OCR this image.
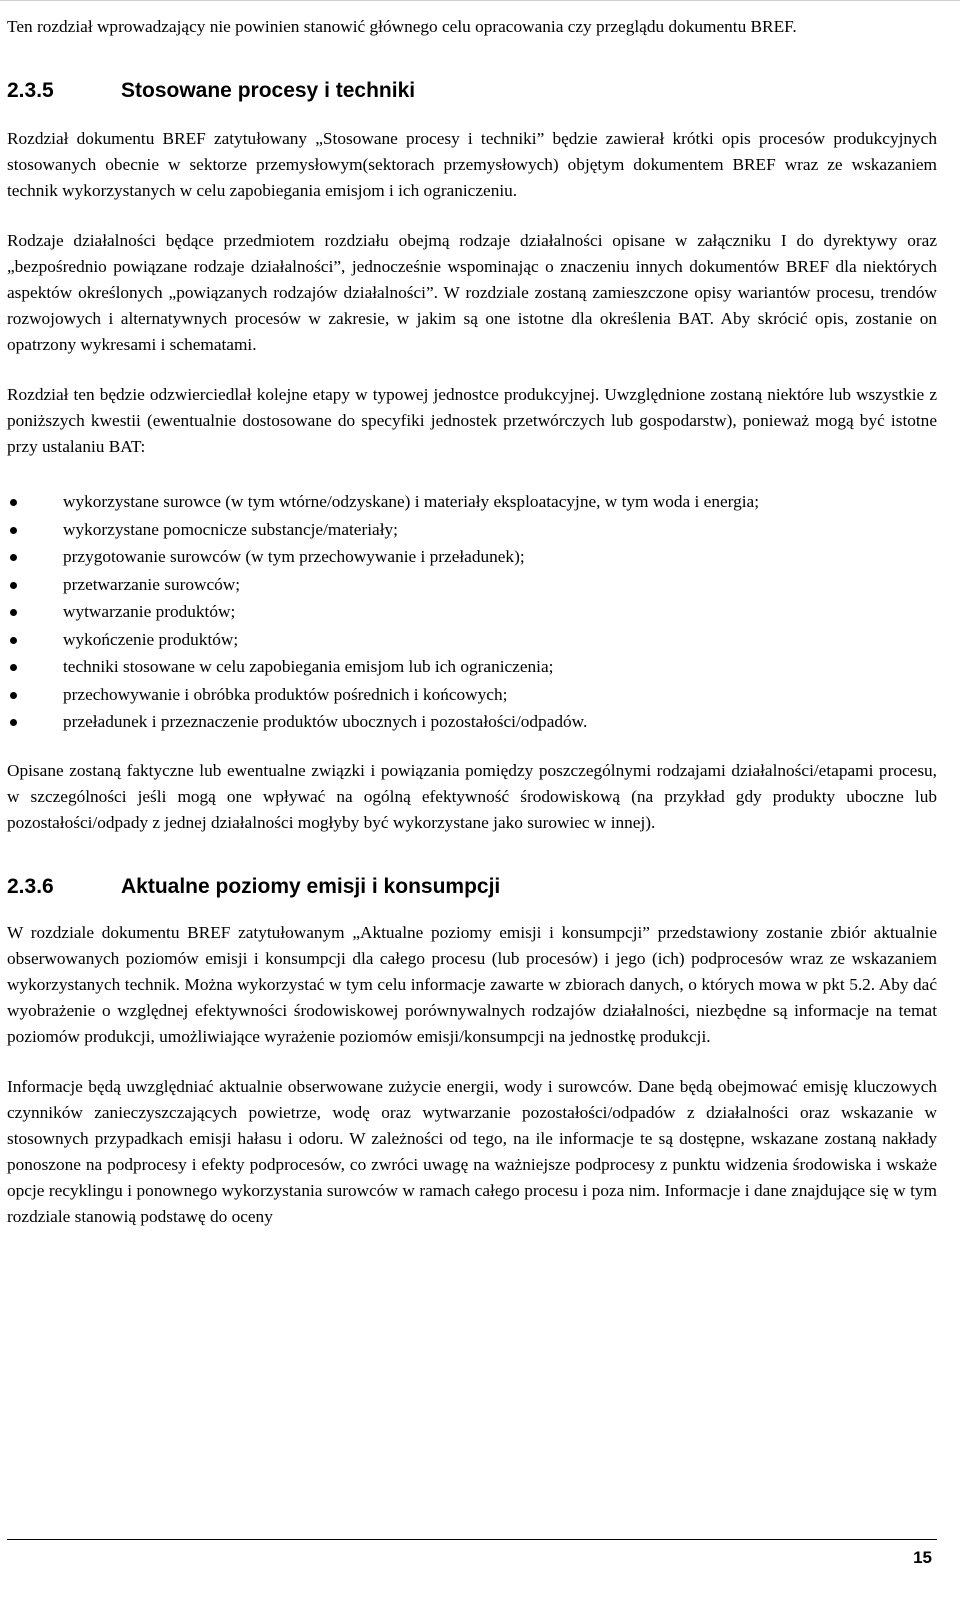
Ten rozdział wprowadzający nie powinien stanowić głównego celu opracowania czy przeglądu dokumentu BREF.

2.3.5	Stosowane procesy i techniki

Rozdział dokumentu BREF zatytułowany „Stosowane procesy i techniki” będzie zawierał krótki opis procesów produkcyjnych stosowanych obecnie w sektorze przemysłowym(sektorach przemysłowych) objętym dokumentem BREF wraz ze wskazaniem technik wykorzystanych w celu zapobiegania emisjom i ich ograniczeniu.

Rodzaje działalności będące przedmiotem rozdziału obejmą rodzaje działalności opisane w załączniku I do dyrektywy oraz „bezpośrednio powiązane rodzaje działalności”, jednocześnie wspominając o znaczeniu innych dokumentów BREF dla niektórych aspektów określonych „powiązanych rodzajów działalności”. W rozdziale zostaną zamieszczone opisy wariantów procesu, trendów rozwojowych i alternatywnych procesów w zakresie, w jakim są one istotne dla określenia BAT. Aby skrócić opis, zostanie on opatrzony wykresami i schematami.

Rozdział ten będzie odzwierciedlał kolejne etapy w typowej jednostce produkcyjnej. Uwzględnione zostaną niektóre lub wszystkie z poniższych kwestii (ewentualnie dostosowane do specyfiki jednostek przetwórczych lub gospodarstw), ponieważ mogą być istotne przy ustalaniu BAT:

wykorzystane surowce (w tym wtórne/odzyskane) i materiały eksploatacyjne, w tym woda i energia;
wykorzystane pomocnicze substancje/materiały;
przygotowanie surowców (w tym przechowywanie i przeładunek);
przetwarzanie surowców;
wytwarzanie produktów;
wykończenie produktów;
techniki stosowane w celu zapobiegania emisjom lub ich ograniczenia;
przechowywanie i obróbka produktów pośrednich i końcowych;
przeładunek i przeznaczenie produktów ubocznych i pozostałości/odpadów.

Opisane zostaną faktyczne lub ewentualne związki i powiązania pomiędzy poszczególnymi rodzajami działalności/etapami procesu, w szczególności jeśli mogą one wpływać na ogólną efektywność środowiskową (na przykład gdy produkty uboczne lub pozostałości/odpady z jednej działalności mogłyby być wykorzystane jako surowiec w innej).

2.3.6	Aktualne poziomy emisji i konsumpcji

W rozdziale dokumentu BREF zatytułowanym „Aktualne poziomy emisji i konsumpcji” przedstawiony zostanie zbiór aktualnie obserwowanych poziomów emisji i konsumpcji dla całego procesu (lub procesów) i jego (ich) podprocesów wraz ze wskazaniem wykorzystanych technik. Można wykorzystać w tym celu informacje zawarte w zbiorach danych, o których mowa w pkt 5.2. Aby dać wyobrażenie o względnej efektywności środowiskowej porównywalnych rodzajów działalności, niezbędne są informacje na temat poziomów produkcji, umożliwiające wyrażenie poziomów emisji/konsumpcji na jednostkę produkcji.

Informacje będą uwzględniać aktualnie obserwowane zużycie energii, wody i surowców. Dane będą obejmować emisję kluczowych czynników zanieczyszczających powietrze, wodę oraz wytwarzanie pozostałości/odpadów z działalności oraz wskazanie w stosownych przypadkach emisji hałasu i odoru. W zależności od tego, na ile informacje te są dostępne, wskazane zostaną nakłady ponoszone na podprocesy i efekty podprocesów, co zwróci uwagę na ważniejsze podprocesy z punktu widzenia środowiska i wskaże opcje recyklingu i ponownego wykorzystania surowców w ramach całego procesu i poza nim. Informacje i dane znajdujące się w tym rozdziale stanowią podstawę do oceny

15
